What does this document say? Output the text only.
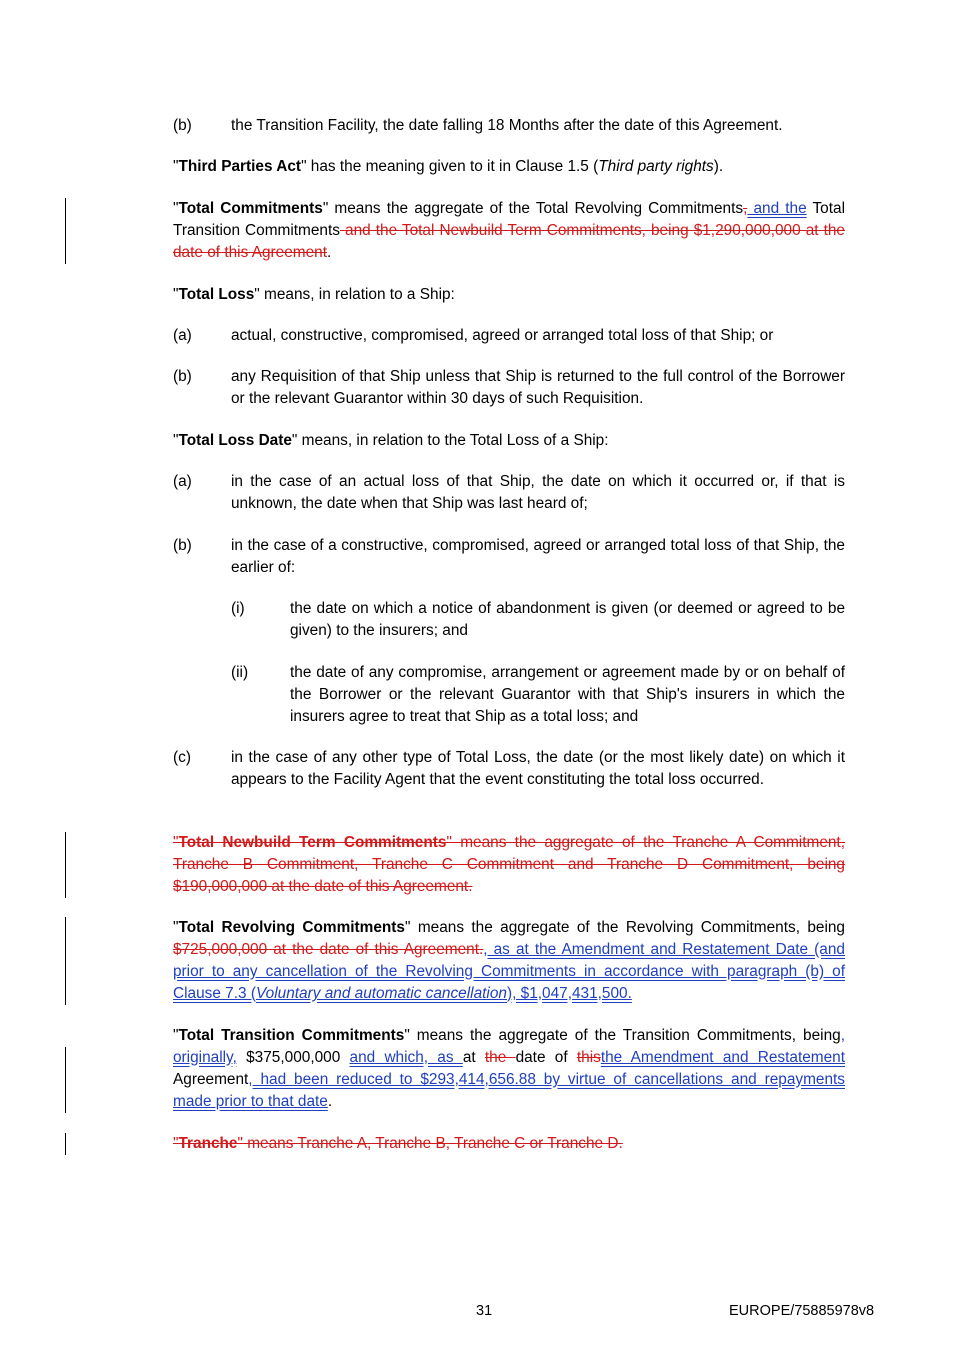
(b)	the Transition Facility, the date falling 18 Months after the date of this Agreement.

"Third Parties Act" has the meaning given to it in Clause 1.5 (Third party rights).

"Total Commitments" means the aggregate of the Total Revolving Commitments, and the Total Transition Commitments and the Total Newbuild Term Commitments, being $1,290,000,000 at the date of this Agreement.

"Total Loss" means, in relation to a Ship:

(a)	actual, constructive, compromised, agreed or arranged total loss of that Ship; or
(b)	any Requisition of that Ship unless that Ship is returned to the full control of the Borrower or the relevant Guarantor within 30 days of such Requisition.

"Total Loss Date" means, in relation to the Total Loss of a Ship:

(a)	in the case of an actual loss of that Ship, the date on which it occurred or, if that is unknown, the date when that Ship was last heard of;
(b)	in the case of a constructive, compromised, agreed or arranged total loss of that Ship, the earlier of:
(i)	the date on which a notice of abandonment is given (or deemed or agreed to be given) to the insurers; and
(ii)	the date of any compromise, arrangement or agreement made by or on behalf of the Borrower or the relevant Guarantor with that Ship's insurers in which the insurers agree to treat that Ship as a total loss; and
(c)	in the case of any other type of Total Loss, the date (or the most likely date) on which it appears to the Facility Agent that the event constituting the total loss occurred.

"Total Newbuild Term Commitments" means the aggregate of the Tranche A Commitment, Tranche B Commitment, Tranche C Commitment and Tranche D Commitment, being $190,000,000 at the date of this Agreement.

"Total Revolving Commitments" means the aggregate of the Revolving Commitments, being $725,000,000 at the date of this Agreement., as at the Amendment and Restatement Date (and prior to any cancellation of the Revolving Commitments in accordance with paragraph (b) of Clause 7.3 (Voluntary and automatic cancellation), $1,047,431,500.

"Total Transition Commitments" means the aggregate of the Transition Commitments, being, originally, $375,000,000 and which, as at the date of thisthe Amendment and Restatement Agreement, had been reduced to $293,414,656.88 by virtue of cancellations and repayments made prior to that date.

"Tranche" means Tranche A, Tranche B, Tranche C or Tranche D.

31	EUROPE/75885978v8
